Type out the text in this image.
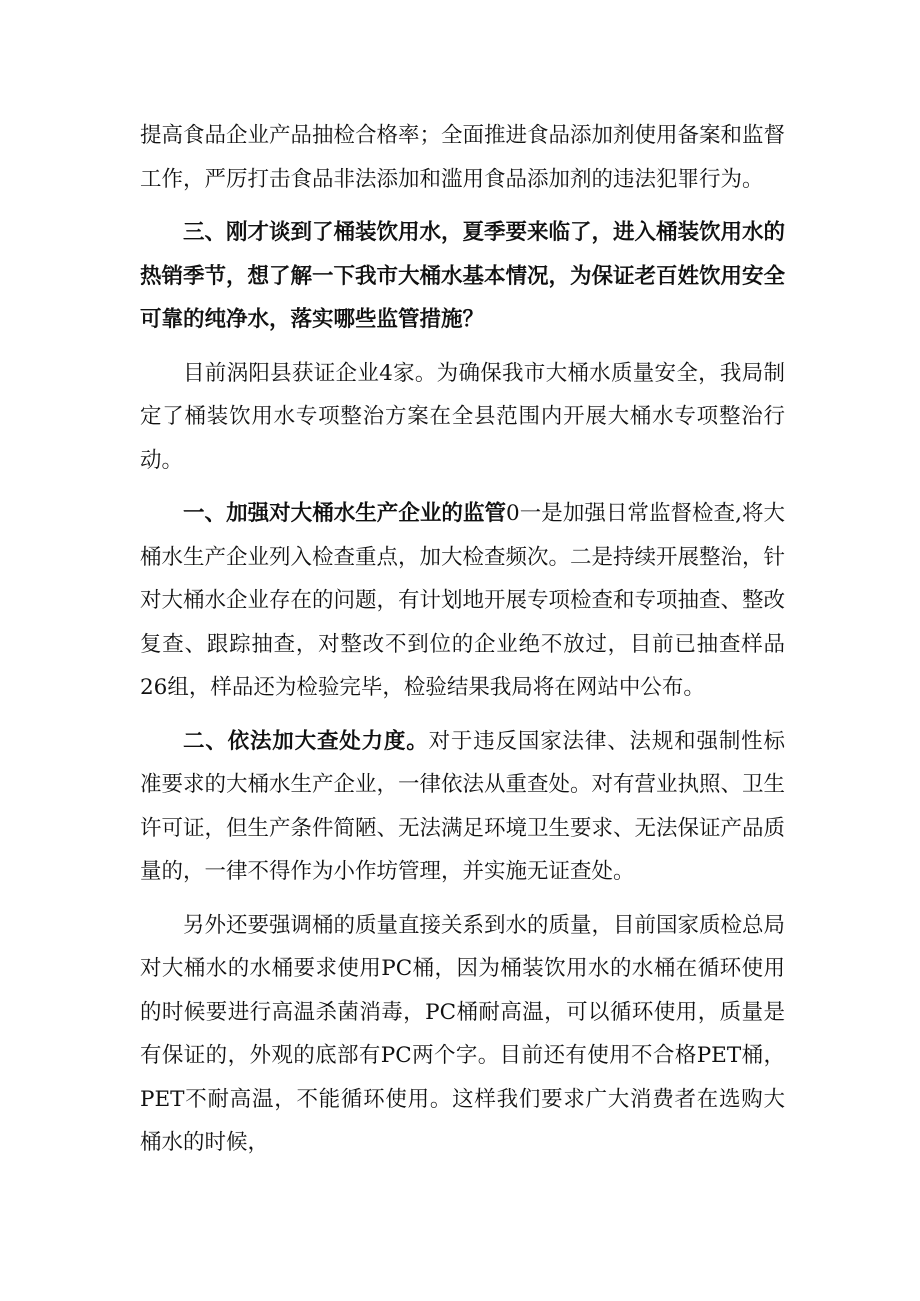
提高食品企业产品抽检合格率；全面推进食品添加剂使用备案和监督工作，严厉打击食品非法添加和滥用食品添加剂的违法犯罪行为。

三、刚才谈到了桶装饮用水，夏季要来临了，进入桶装饮用水的热销季节，想了解一下我市大桶水基本情况，为保证老百姓饮用安全可靠的纯净水，落实哪些监管措施？

目前涡阳县获证企业4家。为确保我市大桶水质量安全，我局制定了桶装饮用水专项整治方案在全县范围内开展大桶水专项整治行动。

一、加强对大桶水生产企业的监管0一是加强日常监督检查,将大桶水生产企业列入检查重点，加大检查频次。二是持续开展整治，针对大桶水企业存在的问题，有计划地开展专项检查和专项抽查、整改复查、跟踪抽查，对整改不到位的企业绝不放过，目前已抽查样品26组，样品还为检验完毕，检验结果我局将在网站中公布。

二、依法加大查处力度。对于违反国家法律、法规和强制性标准要求的大桶水生产企业，一律依法从重查处。对有营业执照、卫生许可证，但生产条件简陋、无法满足环境卫生要求、无法保证产品质量的，一律不得作为小作坊管理，并实施无证查处。

另外还要强调桶的质量直接关系到水的质量，目前国家质检总局对大桶水的水桶要求使用PC桶，因为桶装饮用水的水桶在循环使用的时候要进行高温杀菌消毒，PC桶耐高温，可以循环使用，质量是有保证的，外观的底部有PC两个字。目前还有使用不合格PET桶，PET不耐高温，不能循环使用。这样我们要求广大消费者在选购大桶水的时候，
